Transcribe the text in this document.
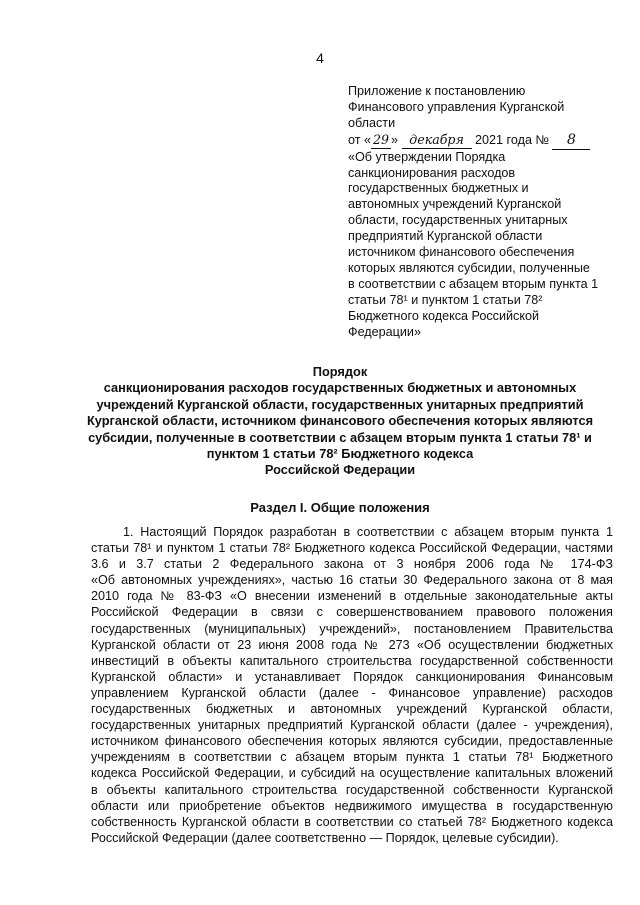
4
Приложение к постановлению
Финансового управления Курганской
области
от « 29 » декабря 2021 года № 8
«Об утверждении Порядка
санкционирования расходов
государственных бюджетных и
автономных учреждений Курганской
области, государственных унитарных
предприятий Курганской области
источником финансового обеспечения
которых являются субсидии, полученные
в соответствии с абзацем вторым пункта 1
статьи 78¹ и пунктом 1 статьи 78²
Бюджетного кодекса Российской
Федерации»
Порядок
санкционирования расходов государственных бюджетных и автономных
учреждений Курганской области, государственных унитарных предприятий
Курганской области, источником финансового обеспечения которых являются
субсидии, полученные в соответствии с абзацем вторым пункта 1 статьи 78¹ и
пунктом 1 статьи 78² Бюджетного кодекса
Российской Федерации
Раздел I. Общие положения
1. Настоящий Порядок разработан в соответствии с абзацем вторым пункта 1
статьи 78¹ и пунктом 1 статьи 78² Бюджетного кодекса Российской Федерации, частями
3.6 и 3.7 статьи 2 Федерального закона от 3 ноября 2006 года № 174-ФЗ
«Об автономных учреждениях», частью 16 статьи 30 Федерального закона от 8 мая
2010 года № 83-ФЗ «О внесении изменений в отдельные законодательные акты
Российской Федерации в связи с совершенствованием правового положения
государственных (муниципальных) учреждений», постановлением Правительства
Курганской области от 23 июня 2008 года № 273 «Об осуществлении бюджетных
инвестиций в объекты капитального строительства государственной собственности
Курганской области» и устанавливает Порядок санкционирования Финансовым
управлением Курганской области (далее - Финансовое управление) расходов
государственных бюджетных и автономных учреждений Курганской области,
государственных унитарных предприятий Курганской области (далее - учреждения),
источником финансового обеспечения которых являются субсидии, предоставленные
учреждениям в соответствии с абзацем вторым пункта 1 статьи 78¹ Бюджетного
кодекса Российской Федерации, и субсидий на осуществление капитальных вложений
в объекты капитального строительства государственной собственности Курганской
области или приобретение объектов недвижимого имущества в государственную
собственность Курганской области в соответствии со статьей 78² Бюджетного кодекса
Российской Федерации (далее соответственно — Порядок, целевые субсидии).
